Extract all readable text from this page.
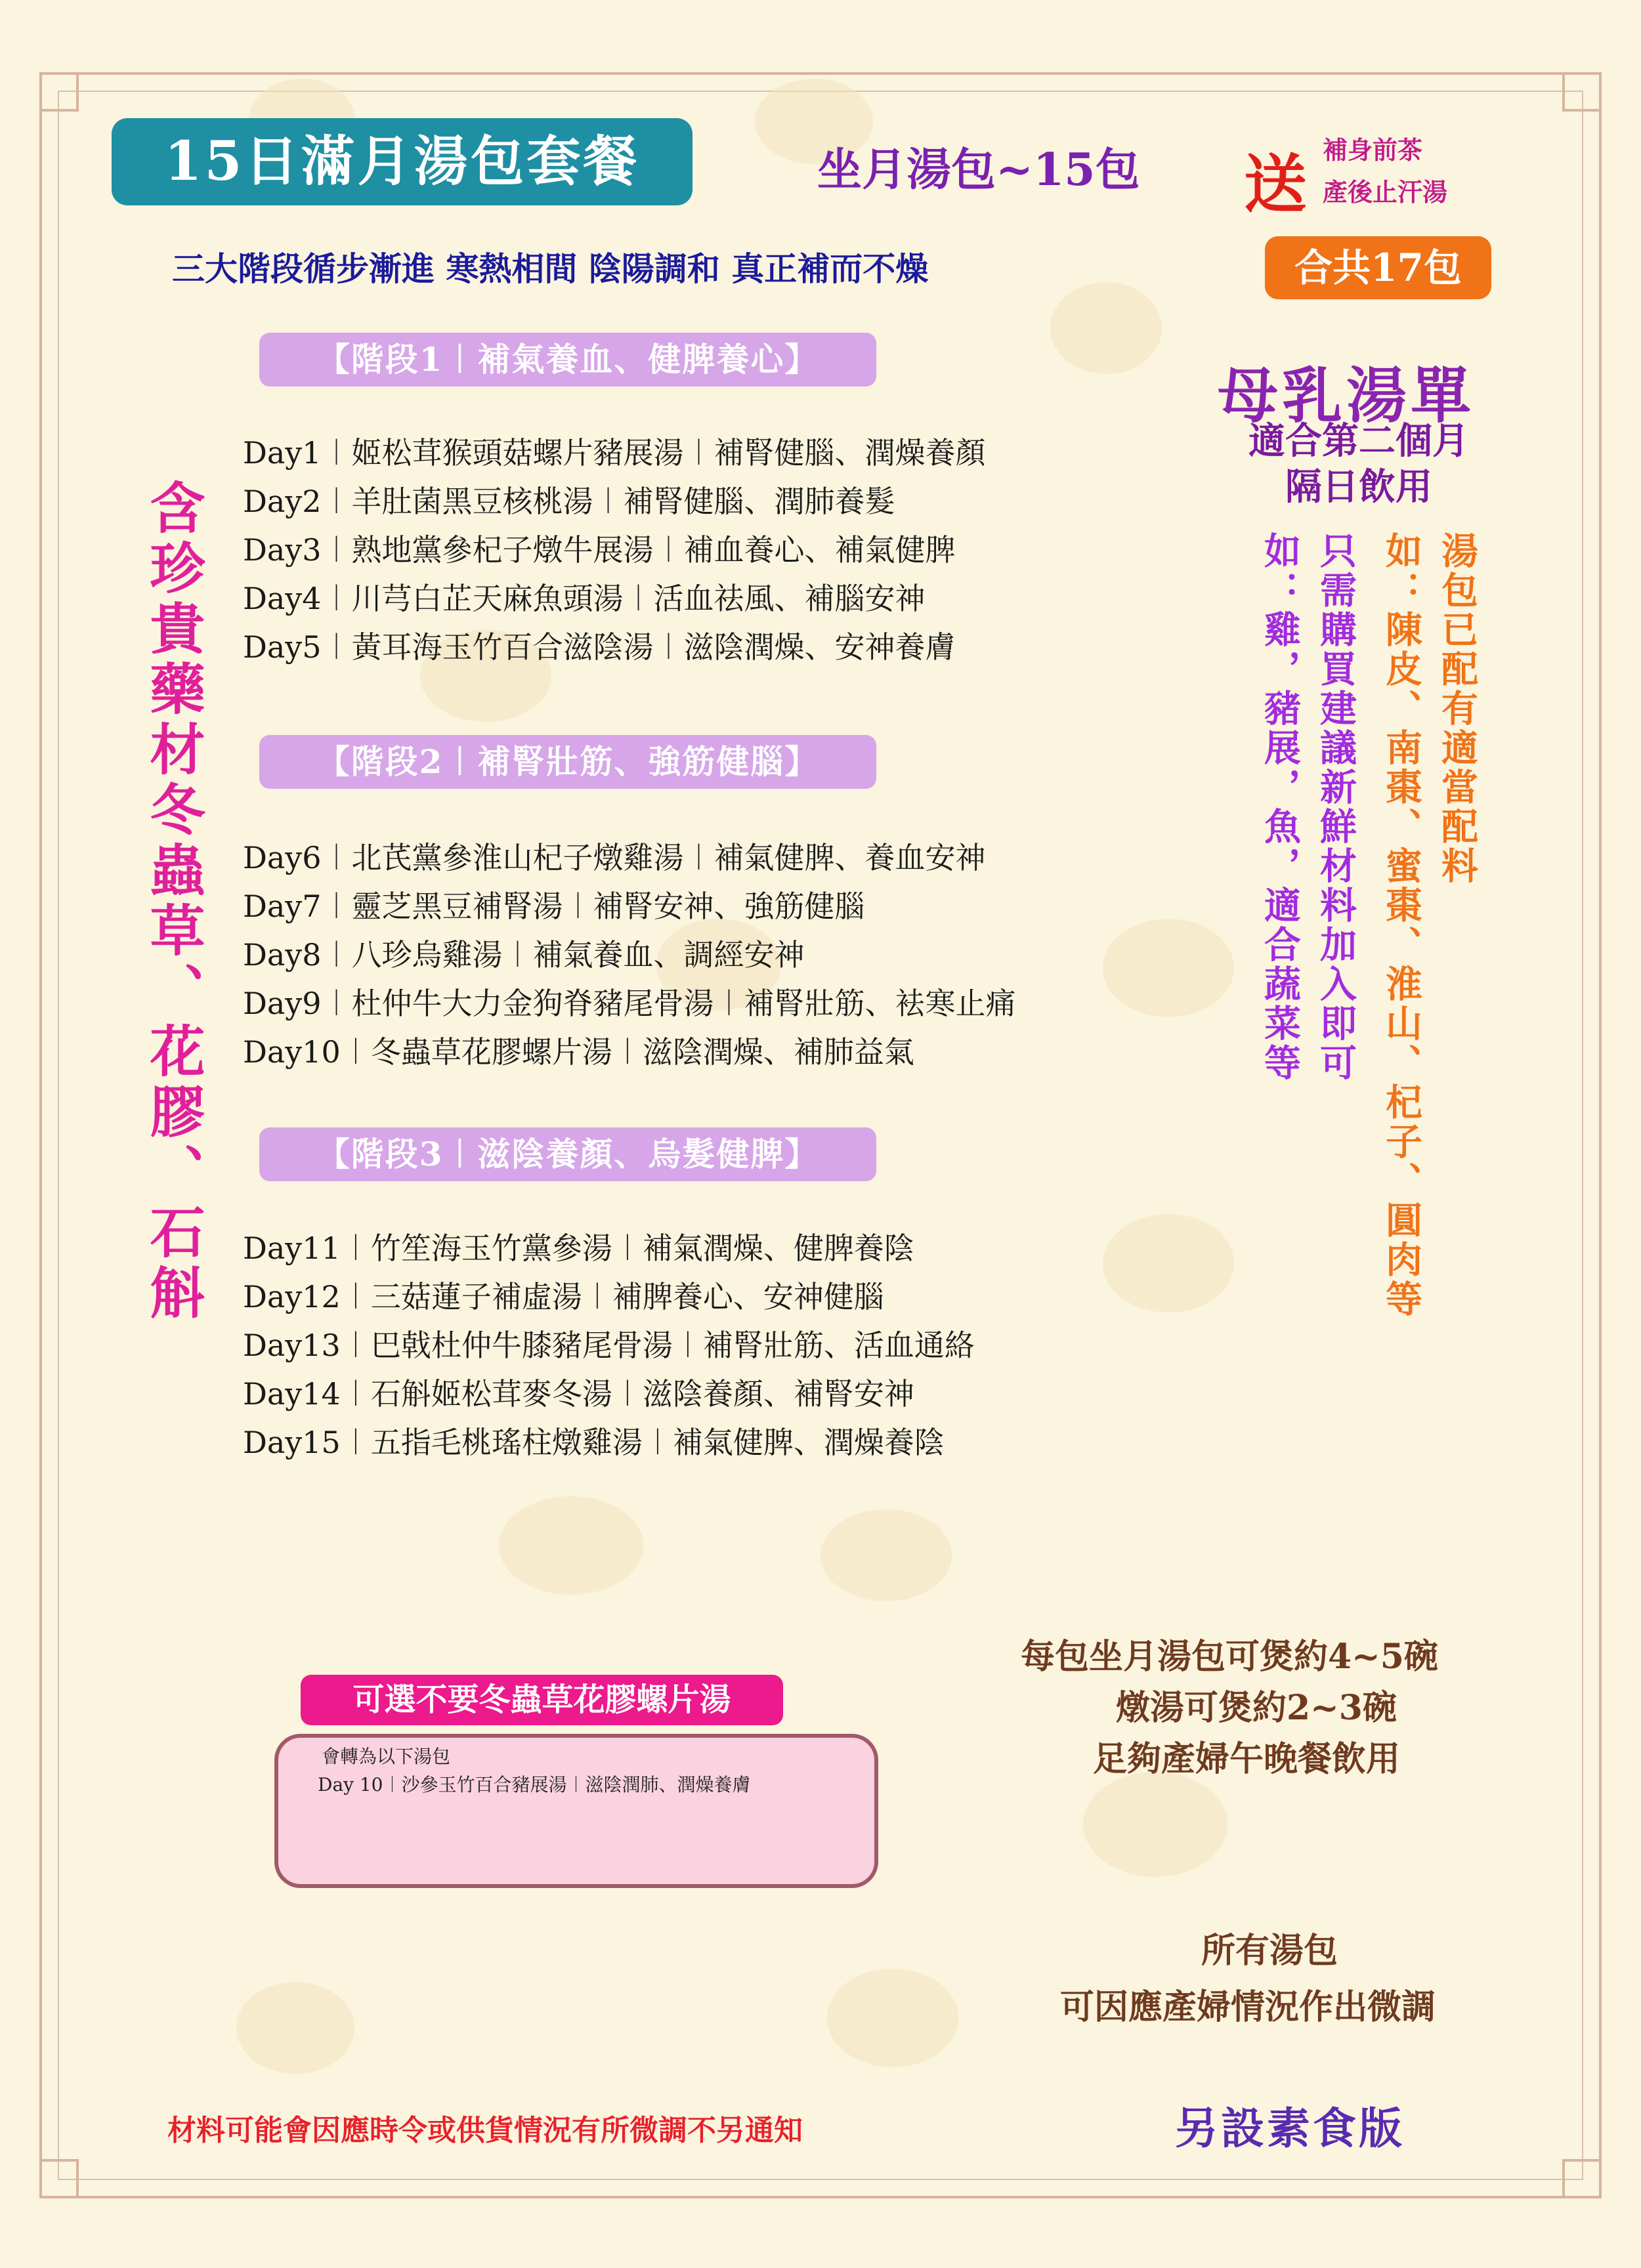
15日滿月湯包套餐	坐月湯包~15包 送 補身前茶
產後止汗湯
三大階段循步漸進 寒熱相間 陰陽調和 真正補而不燥	合共17包
含珍貴藥材冬蟲草、花膠、石斛
【階段1︱補氣養血、健脾養心】
Day1︱姬松茸猴頭菇螺片豬展湯︱補腎健腦、潤燥養顏
Day2︱羊肚菌黑豆核桃湯︱補腎健腦、潤肺養髮
Day3︱熟地黨參杞子燉牛展湯︱補血養心、補氣健脾
Day4︱川芎白芷天麻魚頭湯︱活血祛風、補腦安神
Day5︱黃耳海玉竹百合滋陰湯︱滋陰潤燥、安神養膚
【階段2︱補腎壯筋、強筋健腦】
Day6︱北芪黨參淮山杞子燉雞湯︱補氣健脾、養血安神
Day7︱靈芝黑豆補腎湯︱補腎安神、強筋健腦
Day8︱八珍烏雞湯︱補氣養血、調經安神
Day9︱杜仲牛大力金狗脊豬尾骨湯︱補腎壯筋、袪寒止痛
Day10︱冬蟲草花膠螺片湯︱滋陰潤燥、補肺益氣
【階段3︱滋陰養顏、烏髮健脾】
Day11︱竹笙海玉竹黨參湯︱補氣潤燥、健脾養陰
Day12︱三菇蓮子補虛湯︱補脾養心、安神健腦
Day13︱巴戟杜仲牛膝豬尾骨湯︱補腎壯筋、活血通絡
Day14︱石斛姬松茸麥冬湯︱滋陰養顏、補腎安神
Day15︱五指毛桃瑤柱燉雞湯︱補氣健脾、潤燥養陰
母乳湯單
適合第二個月
隔日飲用
湯包已配有適當配料
如：陳皮、南棗、蜜棗、淮山、杞子、圓肉等
只需購買建議新鮮材料加入即可
如：雞，豬展，魚，適合蔬菜等
每包坐月湯包可煲約4~5碗
燉湯可煲約2~3碗
足夠產婦午晚餐飲用
可選不要冬蟲草花膠螺片湯
會轉為以下湯包
Day 10︱沙參玉竹百合豬展湯︱滋陰潤肺、潤燥養膚
所有湯包
可因應產婦情況作出微調
材料可能會因應時令或供貨情況有所微調不另通知	另設素食版
